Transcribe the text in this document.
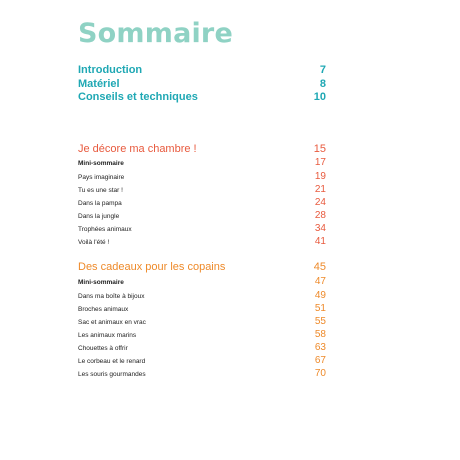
Sommaire
Introduction	7
Matériel	8
Conseils et techniques	10
Je décore ma chambre !	15
Mini-sommaire	17
Pays imaginaire	19
Tu es une star !	21
Dans la pampa	24
Dans la jungle	28
Trophées animaux	34
Voilà l'été !	41
Des cadeaux pour les copains	45
Mini-sommaire	47
Dans ma boîte à bijoux	49
Broches animaux	51
Sac et animaux en vrac	55
Les animaux marins	58
Chouettes à offrir	63
Le corbeau et le renard	67
Les souris gourmandes	70
